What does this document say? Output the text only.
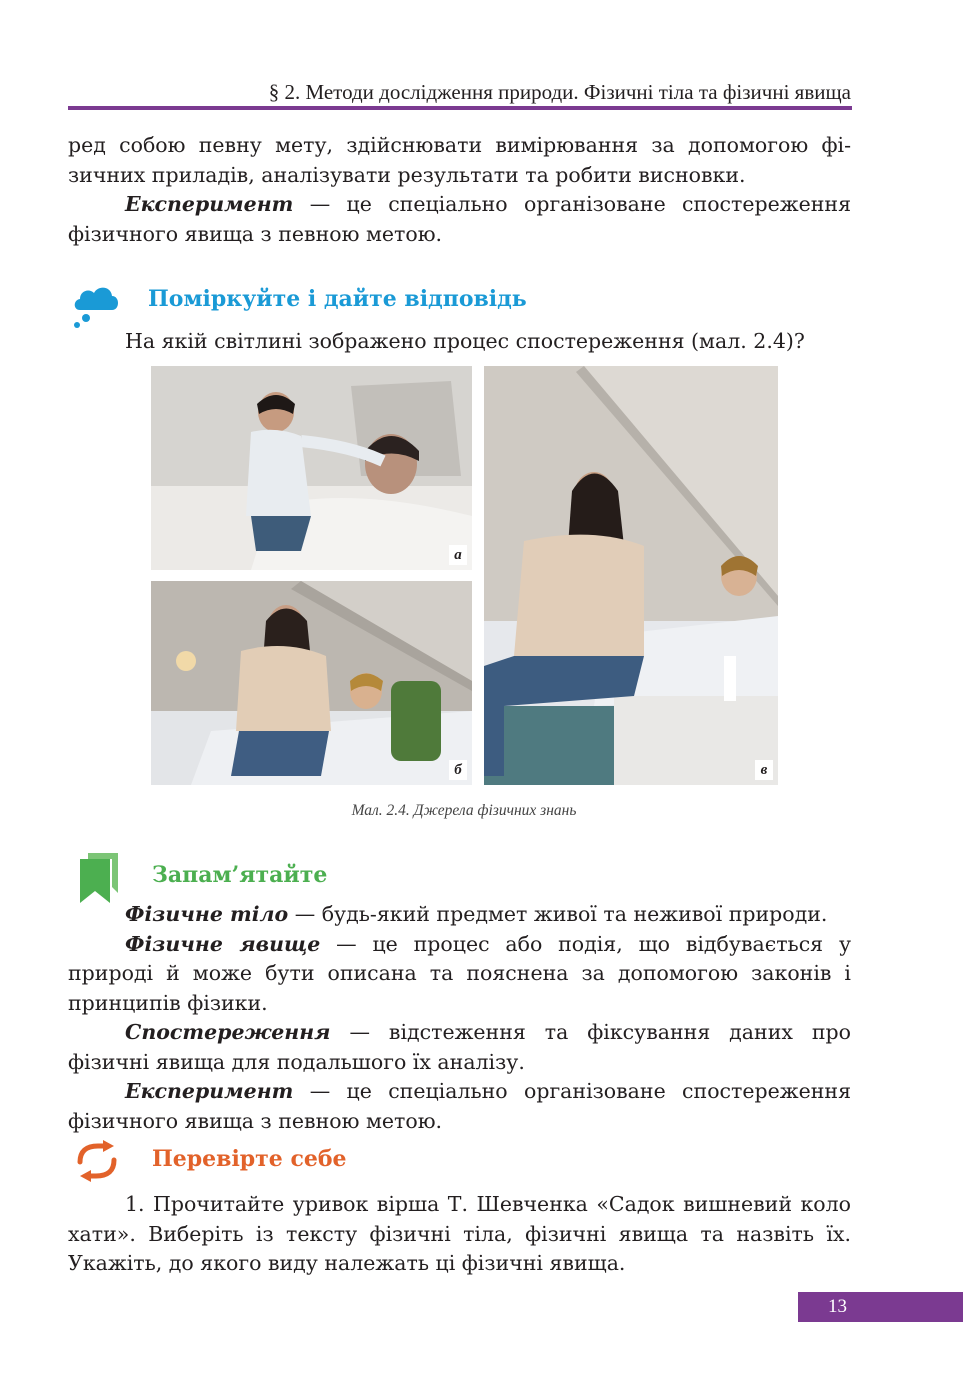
§ 2. Методи дослідження природи. Фізичні тіла та фізичні явища

ред собою певну мету, здійснювати вимірювання за допомогою фі-

зичних приладів, аналізувати результати та робити висновки.

Експеримент — це спеціально організоване спостереження фізичного явища з певною метою.

Поміркуйте і дайте відповідь

На якій світлині зображено процес спостереження (мал. 2.4)?

а
б	в
Мал. 2.4. Джерела фізичних знань
Запам’ятайте

Фізичне тіло — будь-який предмет живої та неживої природи.

Фізичне явище — це процес або подія, що відбувається у природі й може бути описана та пояснена за допомогою законів і принципів фізики.

Спостереження — відстеження та фіксування даних про фізичні явища для подальшого їх аналізу.

Експеримент — це спеціально організоване спостереження фізичного явища з певною метою.

Перевірте себе

1. Прочитайте уривок вірша Т. Шевченка «Садок вишневий коло хати». Виберіть із тексту фізичні тіла, фізичні явища та назвіть їх. Укажіть, до якого виду належать ці фізичні явища.

13
